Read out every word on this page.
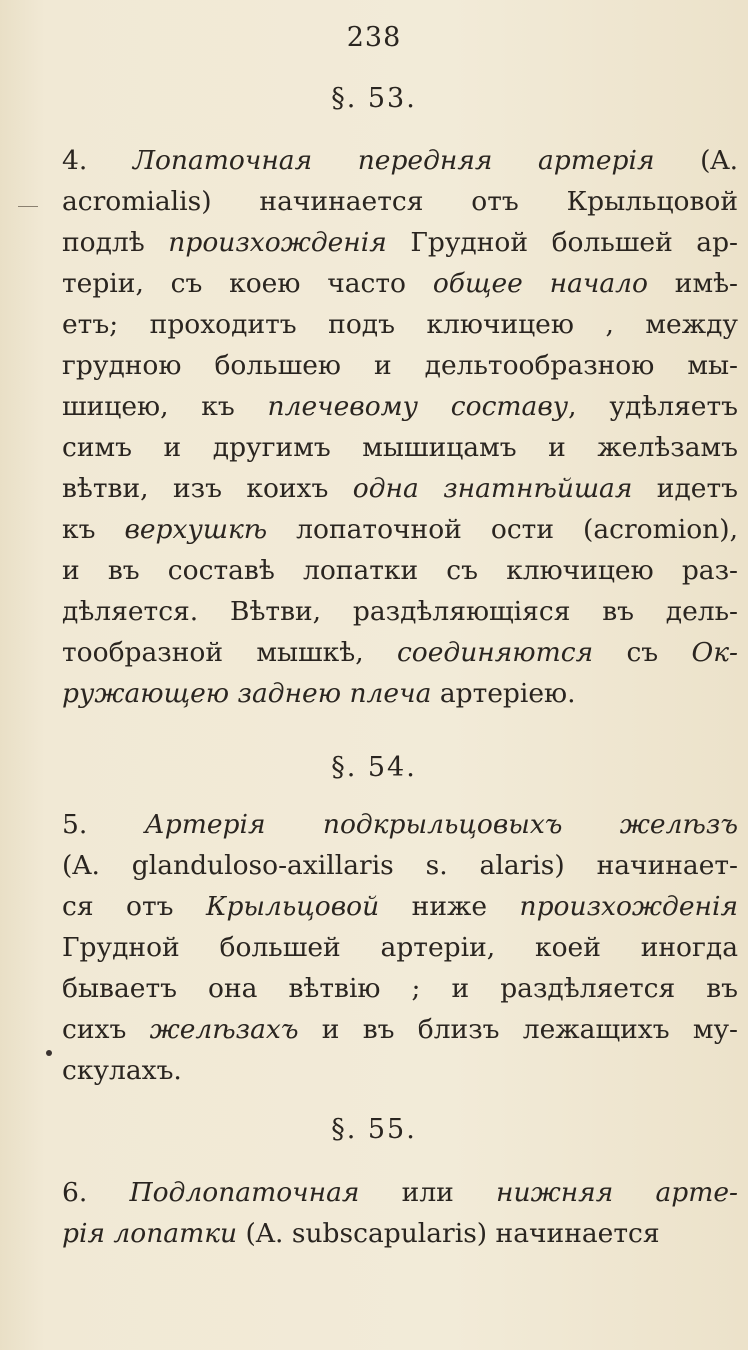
238
§. 53.

4. Лопаточная передняя артерія (A.
acromialis) начинается отъ Крыльцовой
подлѣ произхожденія Грудной большей ар-
теріи, съ коею часто общее начало имѣ-
етъ; проходитъ подъ ключицею , между
грудною большею и дельтообразною мы-
шицею, къ плечевому составу, удѣляетъ
симъ и другимъ мышицамъ и желѣзамъ
вѣтви, изъ коихъ одна знатнѣйшая идетъ
къ верхушкѣ лопаточной ости (acromion),
и въ составѣ лопатки съ ключицею раз-
дѣляется. Вѣтви, раздѣляющіяся въ дель-
тообразной мышкѣ, соединяются съ Ок-
ружающею заднею плеча артеріею.

§. 54.

5. Артерія подкрыльцовыхъ желѣзъ
(A. glanduloso-axillaris s. alaris) начинает-
ся отъ Крыльцовой ниже произхожденія
Грудной большей артеріи, коей иногда
бываетъ она вѣтвію ; и раздѣляется въ
сихъ желѣзахъ и въ близъ лежащихъ му-
скулахъ.

§. 55.

6. Подлопаточная или нижняя арте-
рія лопатки (A. subscapularis) начинается
